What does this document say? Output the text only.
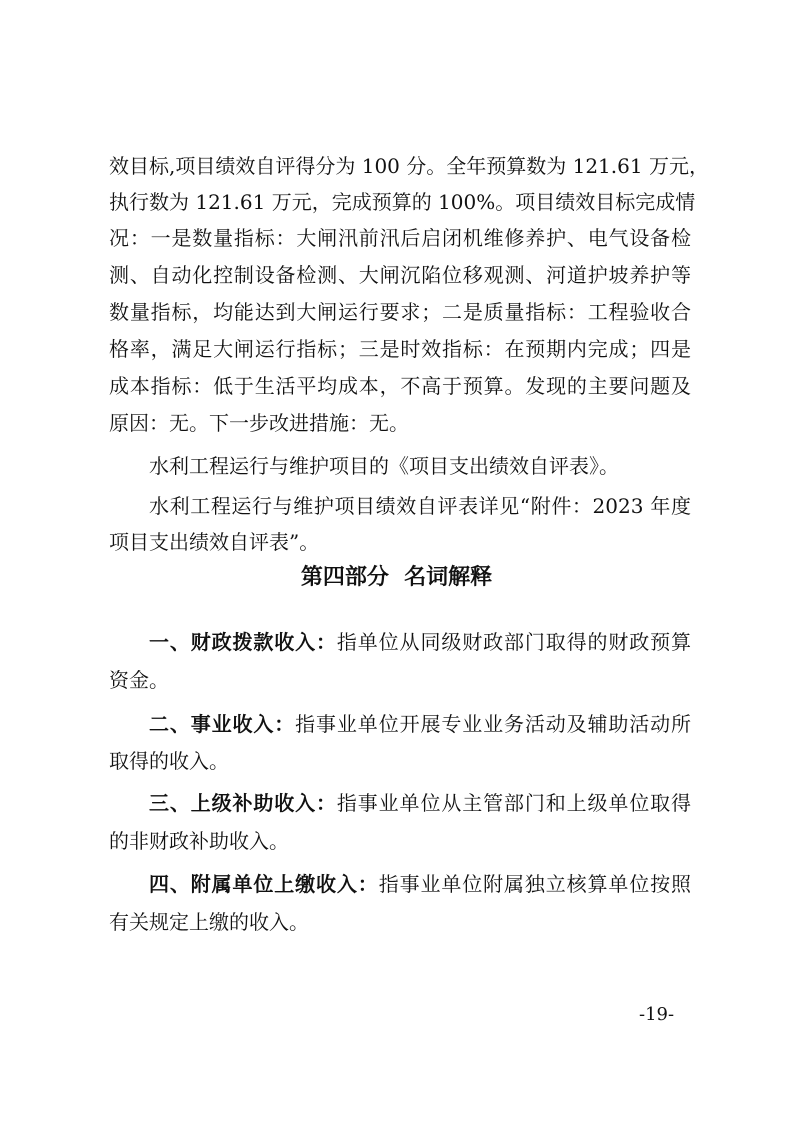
效目标,项目绩效自评得分为 100 分。全年预算数为 121.61 万元，
执行数为 121.61 万元，完成预算的 100%。项目绩效目标完成情
况：一是数量指标：大闸汛前汛后启闭机维修养护、电气设备检
测、自动化控制设备检测、大闸沉陷位移观测、河道护坡养护等
数量指标，均能达到大闸运行要求；二是质量指标：工程验收合
格率，满足大闸运行指标；三是时效指标：在预期内完成；四是
成本指标：低于生活平均成本，不高于预算。发现的主要问题及
原因：无。下一步改进措施：无。
水利工程运行与维护项目的《项目支出绩效自评表》。
水利工程运行与维护项目绩效自评表详见“附件：2023 年度
项目支出绩效自评表”。
第四部分  名词解释
一、财政拨款收入：指单位从同级财政部门取得的财政预算
资金。
二、事业收入：指事业单位开展专业业务活动及辅助活动所
取得的收入。
三、上级补助收入：指事业单位从主管部门和上级单位取得
的非财政补助收入。
四、附属单位上缴收入：指事业单位附属独立核算单位按照
有关规定上缴的收入。
-19-
